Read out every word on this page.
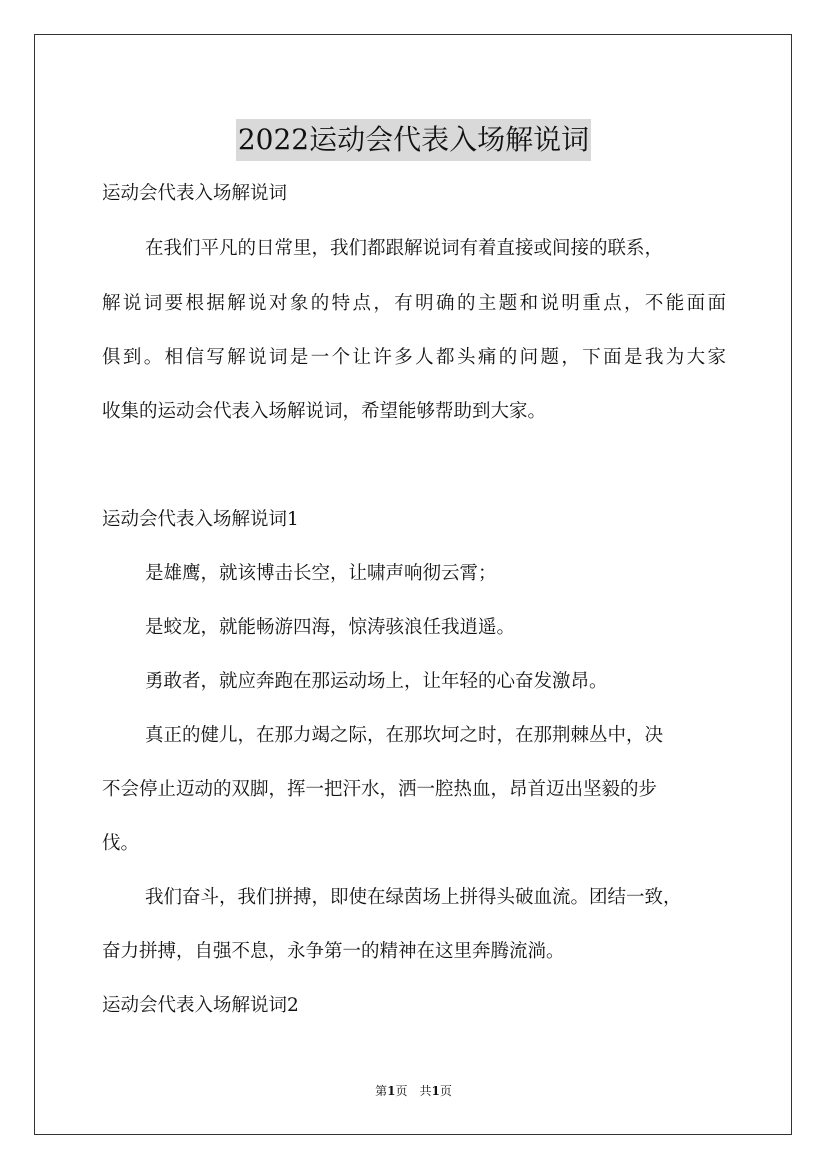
2022运动会代表入场解说词
运动会代表入场解说词
在我们平凡的日常里，我们都跟解说词有着直接或间接的联系，
解说词要根据解说对象的特点，有明确的主题和说明重点，不能面面
俱到。相信写解说词是一个让许多人都头痛的问题，下面是我为大家
收集的运动会代表入场解说词，希望能够帮助到大家。
运动会代表入场解说词1
是雄鹰，就该博击长空，让啸声响彻云霄；
是蛟龙，就能畅游四海，惊涛骇浪任我逍遥。
勇敢者，就应奔跑在那运动场上，让年轻的心奋发激昂。
真正的健儿，在那力竭之际，在那坎坷之时，在那荆棘丛中，决
不会停止迈动的双脚，挥一把汗水，洒一腔热血，昂首迈出坚毅的步
伐。
我们奋斗，我们拼搏，即使在绿茵场上拼得头破血流。团结一致，
奋力拼搏，自强不息，永争第一的精神在这里奔腾流淌。
运动会代表入场解说词2
第1页　共1页
